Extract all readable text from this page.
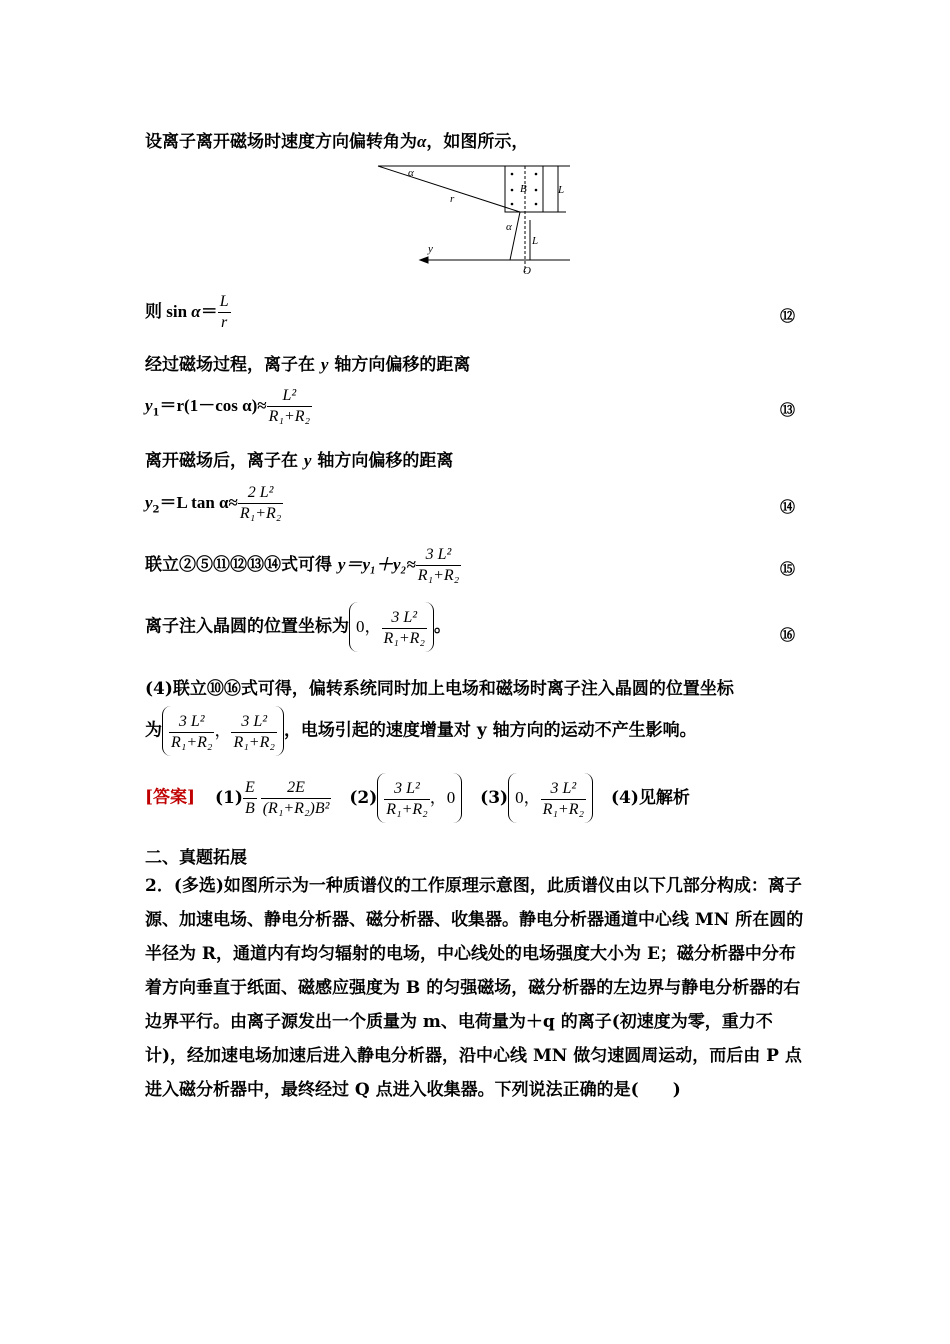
设离子离开磁场时速度方向偏转角为α，如图所示，
α
r
B	L
α
L
y
O
则 $\sin \alpha= \frac{L}{r}$	⑫
经过磁场过程，离子在 y 轴方向偏移的距离
$y_1=r(1-\cos$ $\alpha)\approx \frac{\text{L²}}{\text{R₁+R₂}}$	⑬
离开磁场后，离子在 y 轴方向偏移的距离
$y_2=L$ $\tan \alpha\approx \frac{\text{2 L²}}{\text{R₁+R₂}}$	⑭
联立②⑤⑪⑫⑬⑭式可得 $y=y_1+y_2\approx \frac{\text{3 L²}}{\text{R₁+R₂}}$	⑮
离子注入晶圆的位置坐标为 0， $\frac{\text{3 L²}}{\text{R₁+R₂}}$ 。	⑯
(4)联立⑩⑯式可得，偏转系统同时加上电场和磁场时离子注入晶圆的位置坐标
为 $\frac{\text{3 L²}}{\text{R₁+R₂}}$ ， $\frac{\text{3 L²}}{\text{R₁+R₂}}$ ，电场引起的速度增量对 y 轴方向的运动不产生影响。
[答案] $(1) \frac{E}{B} \frac{2E}{\text{(R₁+R₂)B²}} (2) \frac{\text{3 L²}}{\text{R₁+R₂}}$ ，0 (3) 0， $\frac{\text{3 L²}}{\text{R₁+R₂}} (4)$见解析
二、真题拓展
2．(多选)如图所示为一种质谱仪的工作原理示意图，此质谱仪由以下几部分构成：离子源、加速电场、静电分析器、磁分析器、收集器。静电分析器通道中心线 MN 所在圆的半径为 R，通道内有均匀辐射的电场，中心线处的电场强度大小为 E；磁分析器中分布着方向垂直于纸面、磁感应强度为 B 的匀强磁场，磁分析器的左边界与静电分析器的右边界平行。由离子源发出一个质量为 m、电荷量为＋q 的离子(初速度为零，重力不计)，经加速电场加速后进入静电分析器，沿中心线 MN 做匀速圆周运动，而后由 P 点进入磁分析器中，最终经过 Q 点进入收集器。下列说法正确的是(　　)
